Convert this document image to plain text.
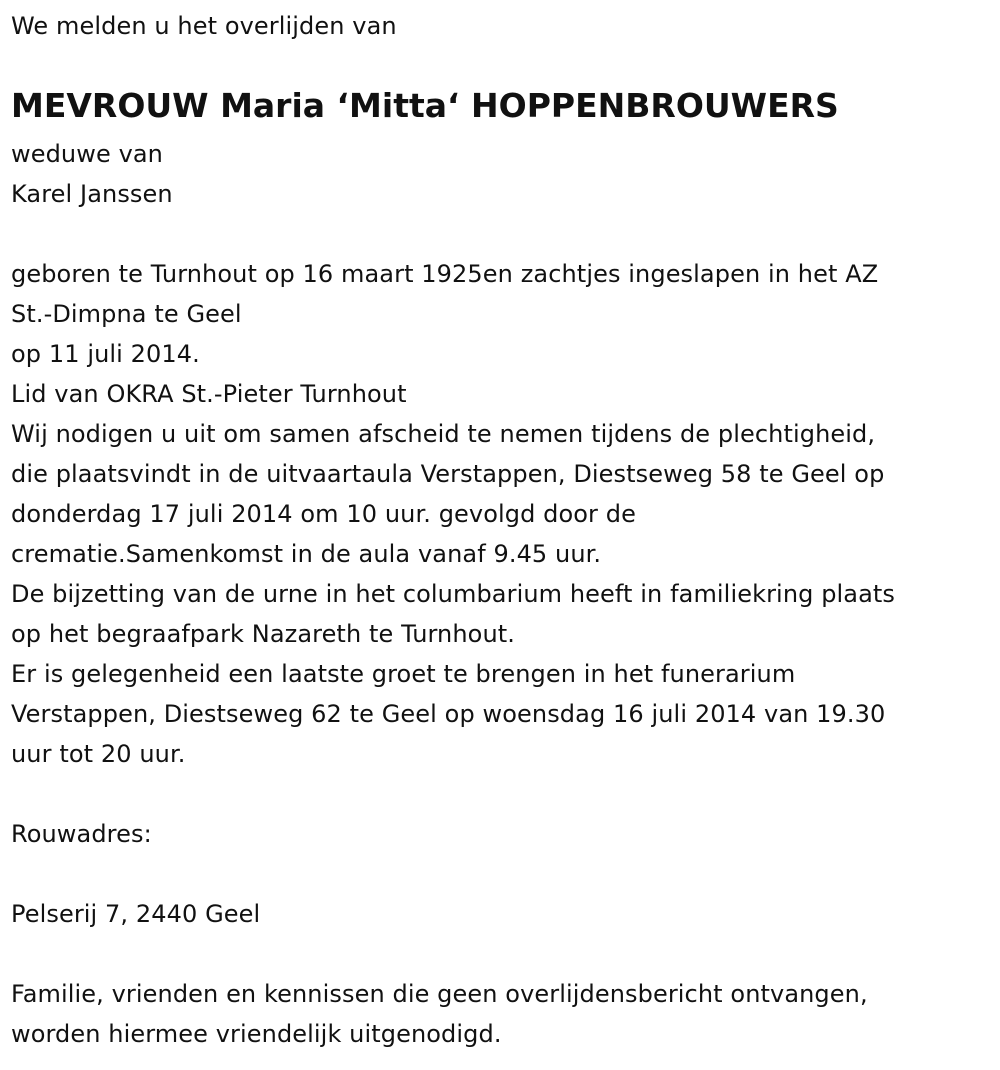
We melden u het overlijden van
MEVROUW Maria ‘Mitta‘ HOPPENBROUWERS
weduwe van
Karel Janssen
geboren te Turnhout op 16 maart 1925en zachtjes ingeslapen in het AZ
St.-Dimpna te Geel
op 11 juli 2014.
Lid van OKRA St.-Pieter Turnhout
Wij nodigen u uit om samen afscheid te nemen tijdens de plechtigheid,
die plaatsvindt in de uitvaartaula Verstappen, Diestseweg 58 te Geel op
donderdag 17 juli 2014 om 10 uur. gevolgd door de
crematie.Samenkomst in de aula vanaf 9.45 uur.
De bijzetting van de urne in het columbarium heeft in familiekring plaats
op het begraafpark Nazareth te Turnhout.
Er is gelegenheid een laatste groet te brengen in het funerarium
Verstappen, Diestseweg 62 te Geel op woensdag 16 juli 2014 van 19.30
uur tot 20 uur.
Rouwadres:
Pelserij 7, 2440 Geel
Familie, vrienden en kennissen die geen overlijdensbericht ontvangen,
worden hiermee vriendelijk uitgenodigd.
